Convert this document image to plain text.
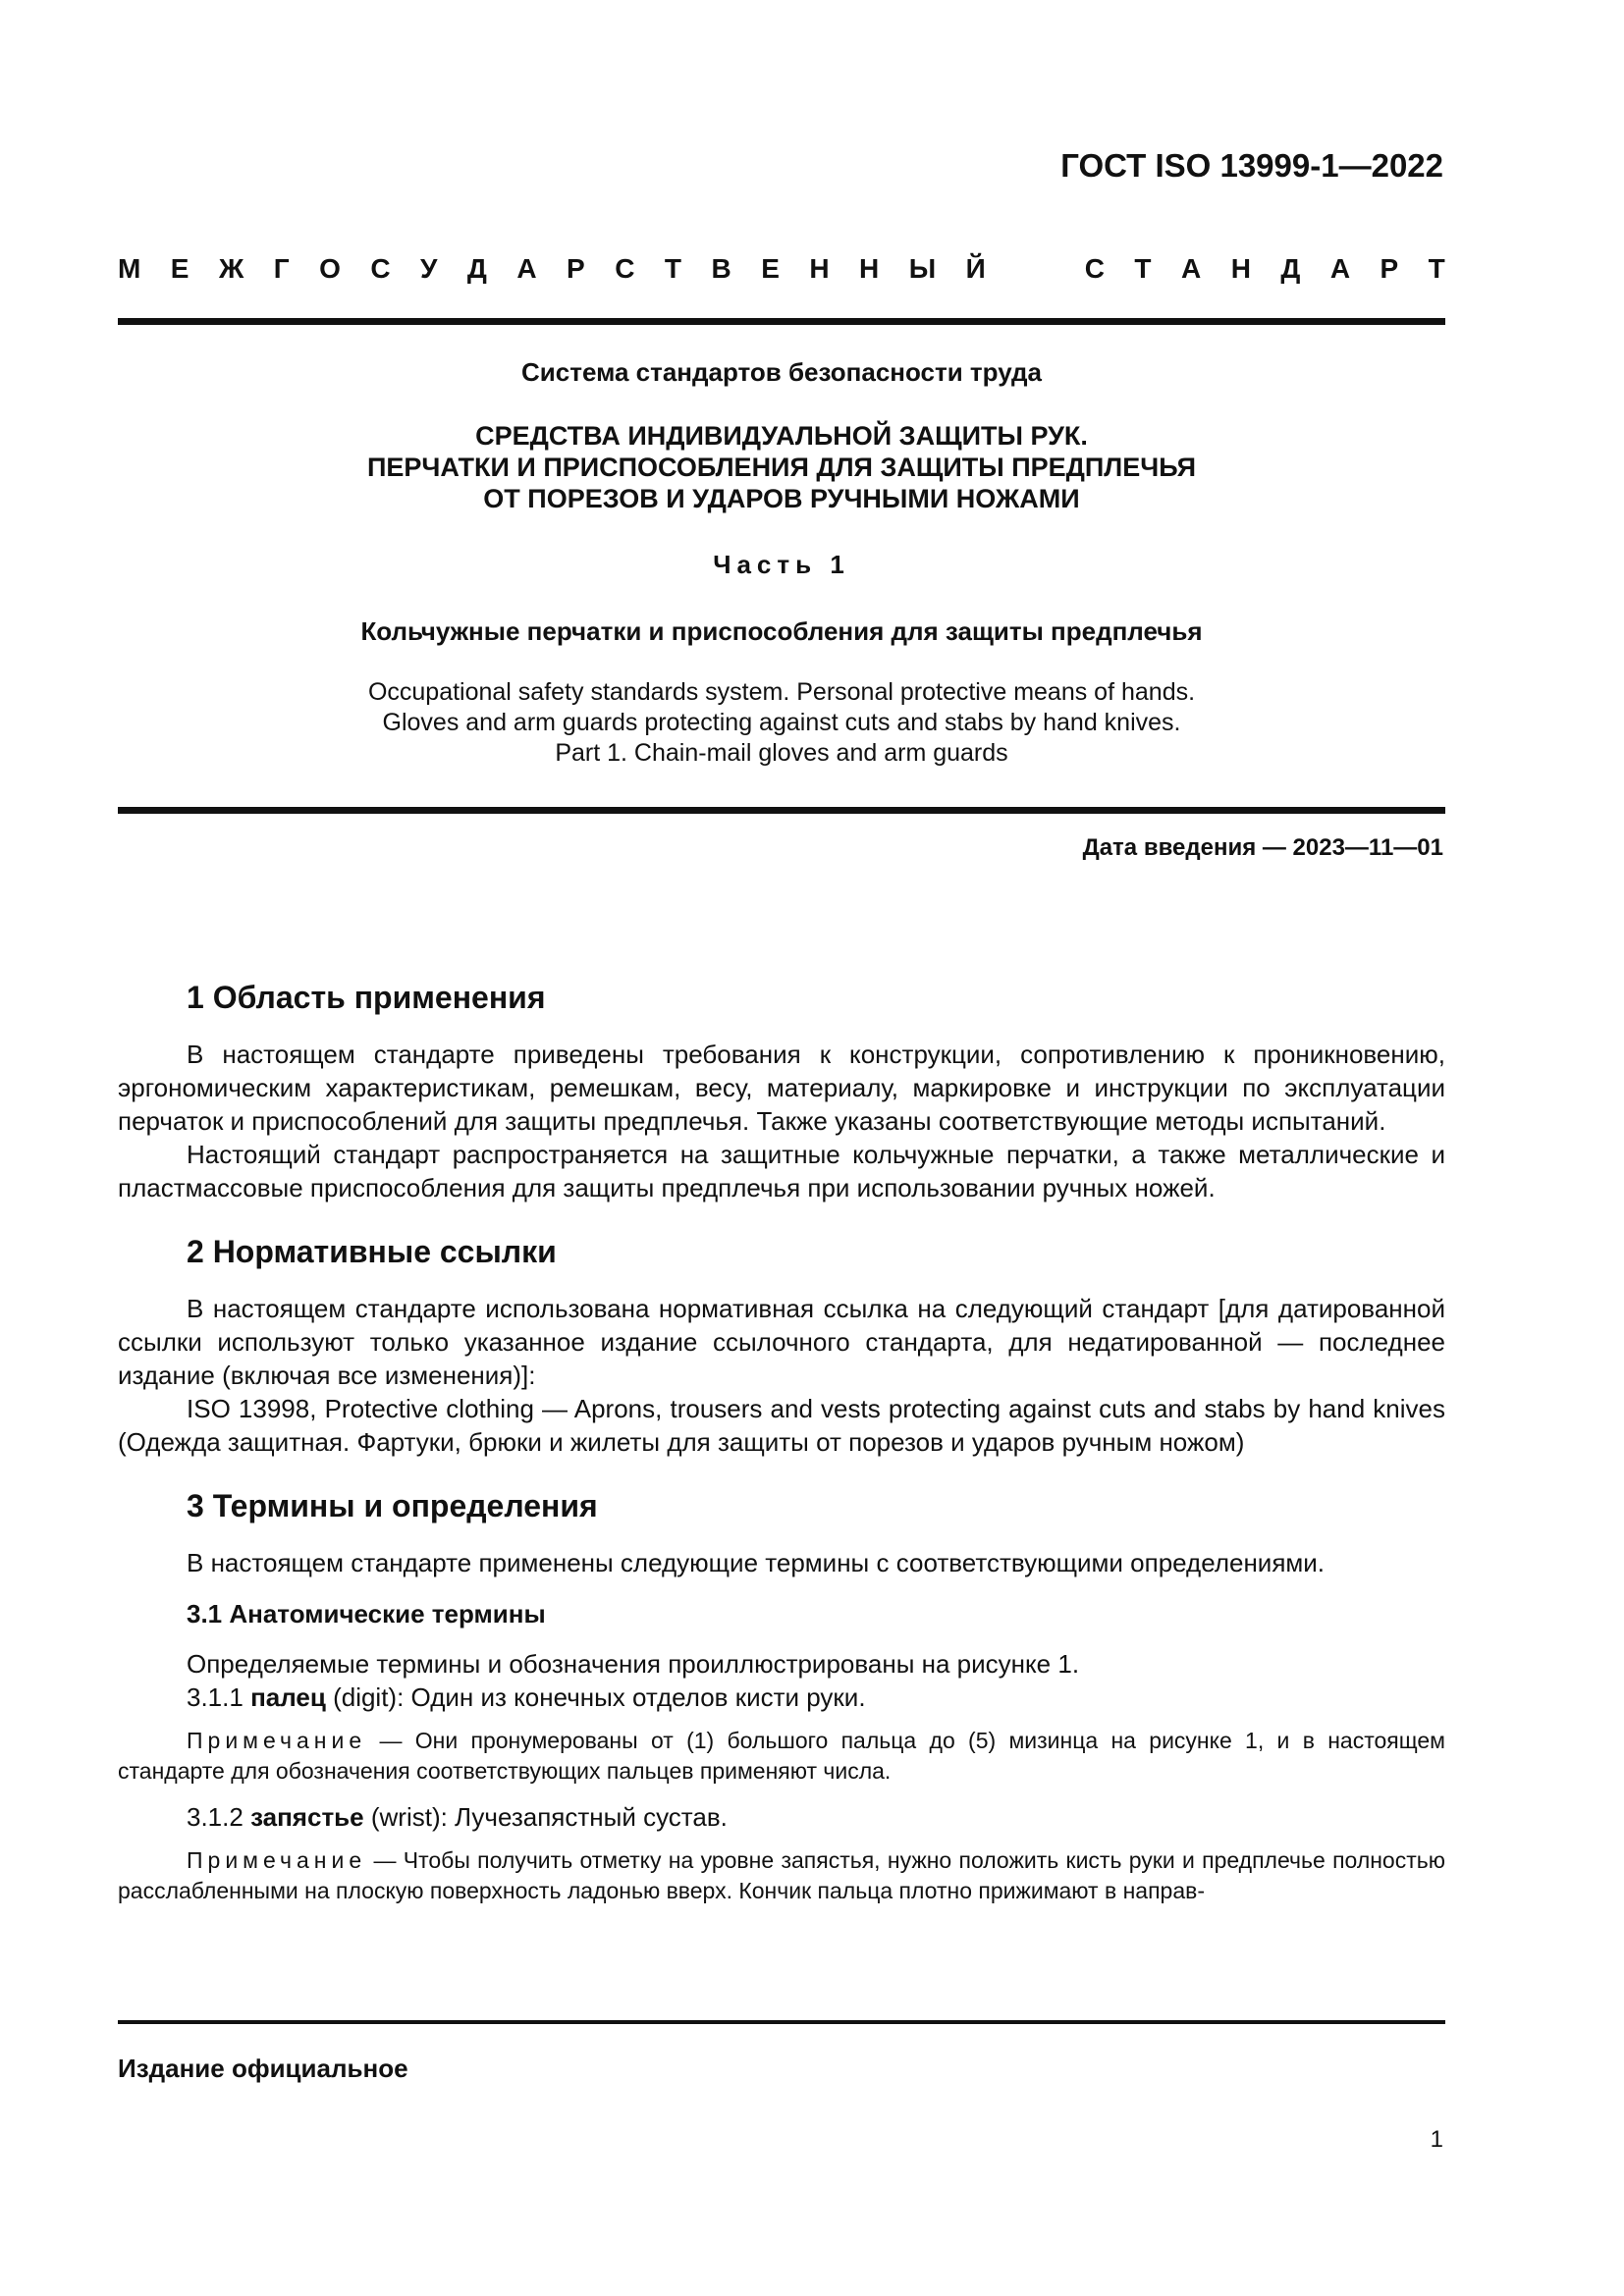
ГОСТ ISO 13999-1—2022
М Е Ж Г О С У Д А Р С Т В Е Н Н Ы Й	С Т А Н Д А Р Т
Система стандартов безопасности труда
СРЕДСТВА ИНДИВИДУАЛЬНОЙ ЗАЩИТЫ РУК.
ПЕРЧАТКИ И ПРИСПОСОБЛЕНИЯ ДЛЯ ЗАЩИТЫ ПРЕДПЛЕЧЬЯ
ОТ ПОРЕЗОВ И УДАРОВ РУЧНЫМИ НОЖАМИ
Часть 1
Кольчужные перчатки и приспособления для защиты предплечья
Occupational safety standards system. Personal protective means of hands.
Gloves and arm guards protecting against cuts and stabs by hand knives.
Part 1. Chain-mail gloves and arm guards
Дата введения — 2023—11—01
1 Область применения

В настоящем стандарте приведены требования к конструкции, сопротивлению к проникновению, эргономическим характеристикам, ремешкам, весу, материалу, маркировке и инструкции по эксплуатации перчаток и приспособлений для защиты предплечья. Также указаны соответствующие методы испытаний.

Настоящий стандарт распространяется на защитные кольчужные перчатки, а также металлические и пластмассовые приспособления для защиты предплечья при использовании ручных ножей.

2 Нормативные ссылки

В настоящем стандарте использована нормативная ссылка на следующий стандарт [для датированной ссылки используют только указанное издание ссылочного стандарта, для недатированной — последнее издание (включая все изменения)]:

ISO 13998, Protective clothing — Aprons, trousers and vests protecting against cuts and stabs by hand knives (Одежда защитная. Фартуки, брюки и жилеты для защиты от порезов и ударов ручным ножом)

3 Термины и определения

В настоящем стандарте применены следующие термины с соответствующими определениями.

3.1 Анатомические термины

Определяемые термины и обозначения проиллюстрированы на рисунке 1.

3.1.1 палец (digit): Один из конечных отделов кисти руки.

Примечание — Они пронумерованы от (1) большого пальца до (5) мизинца на рисунке 1, и в настоящем стандарте для обозначения соответствующих пальцев применяют числа.

3.1.2 запястье (wrist): Лучезапястный сустав.

Примечание — Чтобы получить отметку на уровне запястья, нужно положить кисть руки и предплечье полностью расслабленными на плоскую поверхность ладонью вверх. Кончик пальца плотно прижимают в направ-

Издание официальное
1
